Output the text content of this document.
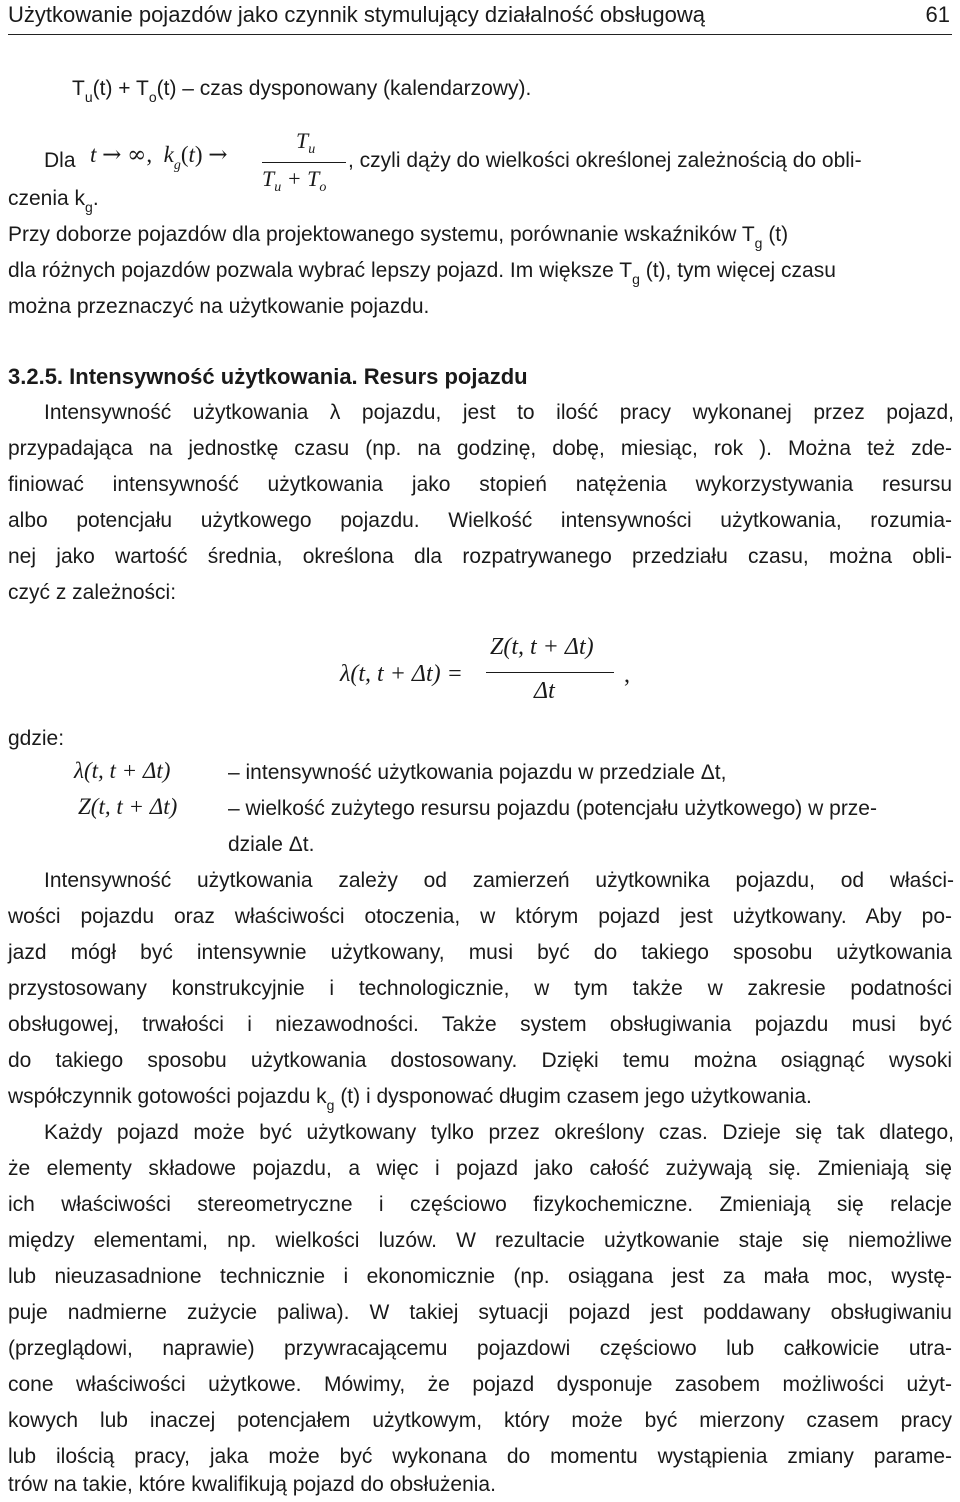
Użytkowanie pojazdów jako czynnik stymulujący działalność obsługową	61
$T_u(t) + T_o(t)$ – czas dysponowany (kalendarzowy).
Dla t → ∞,  $k_g(t)$ →
$T_u$
$T_u + T_o$
, czyli dąży do wielkości określonej zależnością do obli-
czenia $k_g$.
Przy doborze pojazdów dla projektowanego systemu, porównanie wskaźników $T_g$ (t)
dla różnych pojazdów pozwala wybrać lepszy pojazd. Im większe $T_g$ (t), tym więcej czasu
można przeznaczyć na użytkowanie pojazdu.
3.2.5. Intensywność użytkowania. Resurs pojazdu
Intensywność użytkowania λ pojazdu, jest to ilość pracy wykonanej przez pojazd,
przypadająca na jednostkę czasu (np. na godzinę, dobę, miesiąc, rok ). Można też zde-
finiować intensywność użytkowania jako stopień natężenia wykorzystywania resursu
albo potencjału użytkowego pojazdu. Wielkość intensywności użytkowania, rozumia-
nej jako wartość średnia, określona dla rozpatrywanego przedziału czasu, można obli-
czyć z zależności:
λ(t, t + Δt) =
Z(t, t + Δt)
Δt
,
gdzie:
λ(t, t + Δt)	– intensywność użytkowania pojazdu w przedziale Δt,
Z(t, t + Δt) – wielkość zużytego resursu pojazdu (potencjału użytkowego) w prze-
dziale Δt.
Intensywność użytkowania zależy od zamierzeń użytkownika pojazdu, od właści-
wości pojazdu oraz właściwości otoczenia, w którym pojazd jest użytkowany. Aby po-
jazd mógł być intensywnie użytkowany, musi być do takiego sposobu użytkowania
przystosowany konstrukcyjnie i technologicznie, w tym także w zakresie podatności
obsługowej, trwałości i niezawodności. Także system obsługiwania pojazdu musi być
do takiego sposobu użytkowania dostosowany. Dzięki temu można osiągnąć wysoki
współczynnik gotowości pojazdu $k_g$ (t) i dysponować długim czasem jego użytkowania.
Każdy pojazd może być użytkowany tylko przez określony czas. Dzieje się tak dlatego,
że elementy składowe pojazdu, a więc i pojazd jako całość zużywają się. Zmieniają się
ich właściwości stereometryczne i częściowo fizykochemiczne. Zmieniają się relacje
między elementami, np. wielkości luzów. W rezultacie użytkowanie staje się niemożliwe
lub nieuzasadnione technicznie i ekonomicznie (np. osiągana jest za mała moc, wystę-
puje nadmierne zużycie paliwa). W takiej sytuacji pojazd jest poddawany obsługiwaniu
(przeglądowi, naprawie) przywracającemu pojazdowi częściowo lub całkowicie utra-
cone właściwości użytkowe. Mówimy, że pojazd dysponuje zasobem możliwości użyt-
kowych lub inaczej potencjałem użytkowym, który może być mierzony czasem pracy
lub ilością pracy, jaka może być wykonana do momentu wystąpienia zmiany parame-
trów na takie, które kwalifikują pojazd do obsłużenia.
